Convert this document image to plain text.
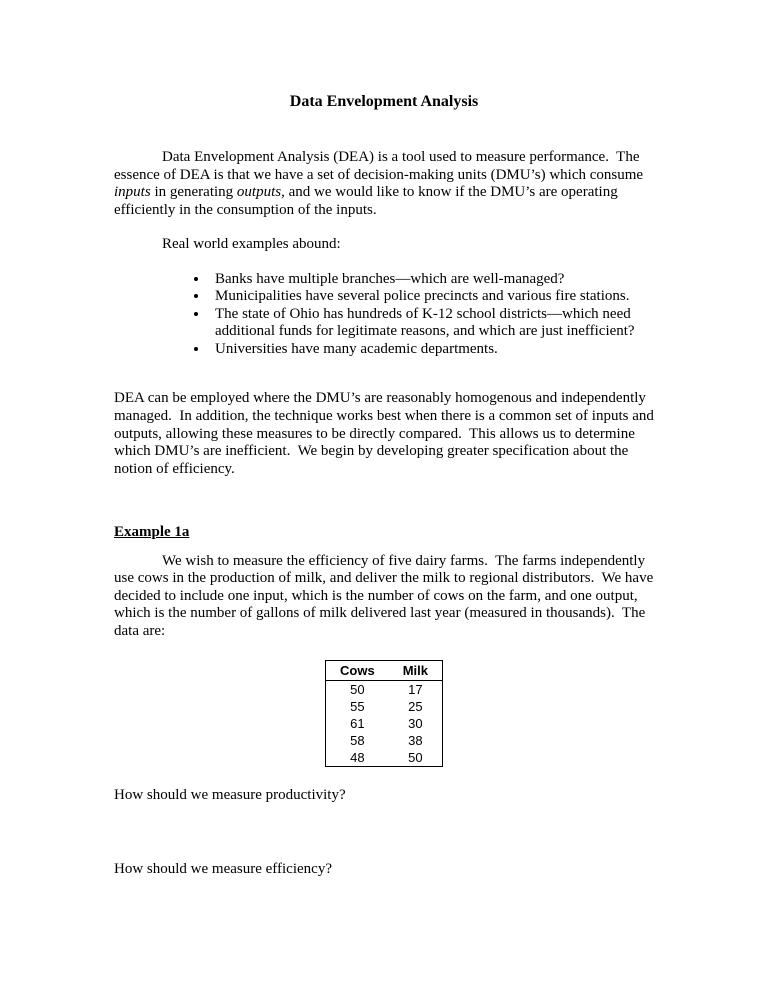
Data Envelopment Analysis

Data Envelopment Analysis (DEA) is a tool used to measure performance.  The essence of DEA is that we have a set of decision-making units (DMU’s) which consume inputs in generating outputs, and we would like to know if the DMU’s are operating efficiently in the consumption of the inputs.

Real world examples abound:

• Banks have multiple branches—which are well-managed?
• Municipalities have several police precincts and various fire stations.
• The state of Ohio has hundreds of K-12 school districts—which need additional funds for legitimate reasons, and which are just inefficient?
• Universities have many academic departments.

DEA can be employed where the DMU’s are reasonably homogenous and independently managed.  In addition, the technique works best when there is a common set of inputs and outputs, allowing these measures to be directly compared.  This allows us to determine which DMU’s are inefficient.  We begin by developing greater specification about the notion of efficiency.

Example 1a

We wish to measure the efficiency of five dairy farms.  The farms independently use cows in the production of milk, and deliver the milk to regional distributors.  We have decided to include one input, which is the number of cows on the farm, and one output, which is the number of gallons of milk delivered last year (measured in thousands).  The data are:

Cows	Milk
50	17
55	25
61	30
58	38
48	50

How should we measure productivity?

How should we measure efficiency?
